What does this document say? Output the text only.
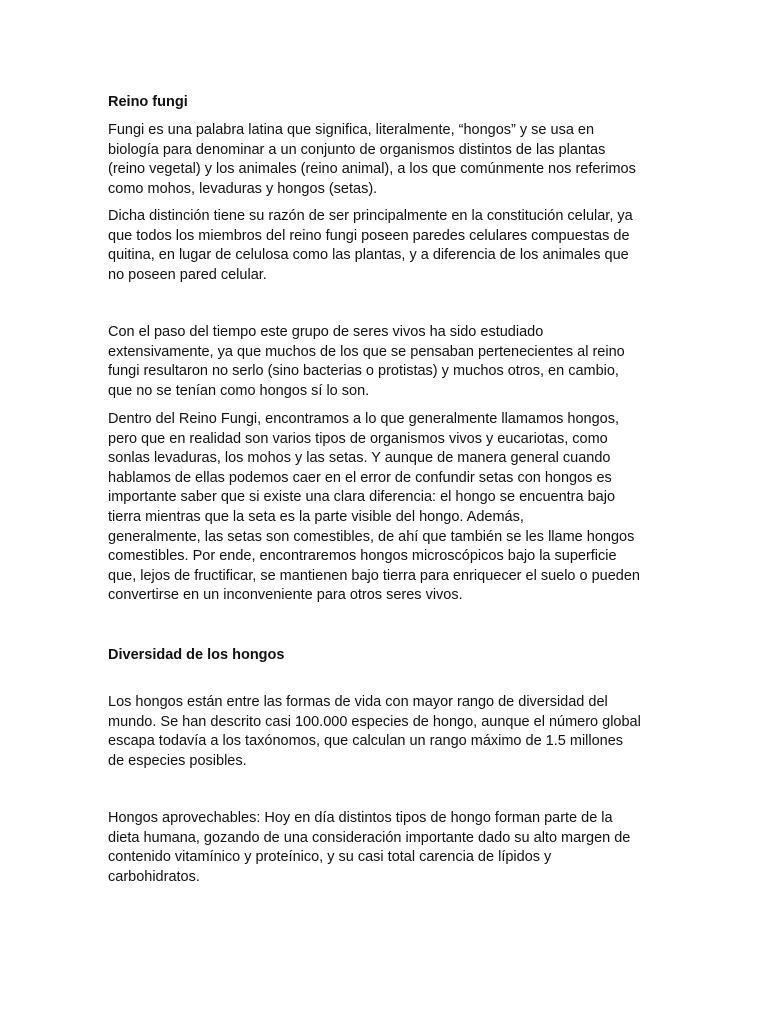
Reino fungi

Fungi es una palabra latina que significa, literalmente, “hongos” y se usa en
biología para denominar a un conjunto de organismos distintos de las plantas
(reino vegetal) y los animales (reino animal), a los que comúnmente nos referimos
como mohos, levaduras y hongos (setas).

Dicha distinción tiene su razón de ser principalmente en la constitución celular, ya
que todos los miembros del reino fungi poseen paredes celulares compuestas de
quitina, en lugar de celulosa como las plantas, y a diferencia de los animales que
no poseen pared celular.

Con el paso del tiempo este grupo de seres vivos ha sido estudiado
extensivamente, ya que muchos de los que se pensaban pertenecientes al reino
fungi resultaron no serlo (sino bacterias o protistas) y muchos otros, en cambio,
que no se tenían como hongos sí lo son.

Dentro del Reino Fungi, encontramos a lo que generalmente llamamos hongos,
pero que en realidad son varios tipos de organismos vivos y eucariotas, como
sonlas levaduras, los mohos y las setas. Y aunque de manera general cuando
hablamos de ellas podemos caer en el error de confundir setas con hongos es
importante saber que si existe una clara diferencia: el hongo se encuentra bajo
tierra mientras que la seta es la parte visible del hongo. Además,
generalmente, las setas son comestibles, de ahí que también se les llame hongos
comestibles. Por ende, encontraremos hongos microscópicos bajo la superficie
que, lejos de fructificar, se mantienen bajo tierra para enriquecer el suelo o pueden
convertirse en un inconveniente para otros seres vivos.

Diversidad de los hongos

Los hongos están entre las formas de vida con mayor rango de diversidad del
mundo. Se han descrito casi 100.000 especies de hongo, aunque el número global
escapa todavía a los taxónomos, que calculan un rango máximo de 1.5 millones
de especies posibles.

Hongos aprovechables: Hoy en día distintos tipos de hongo forman parte de la
dieta humana, gozando de una consideración importante dado su alto margen de
contenido vitamínico y proteínico, y su casi total carencia de lípidos y
carbohidratos.
